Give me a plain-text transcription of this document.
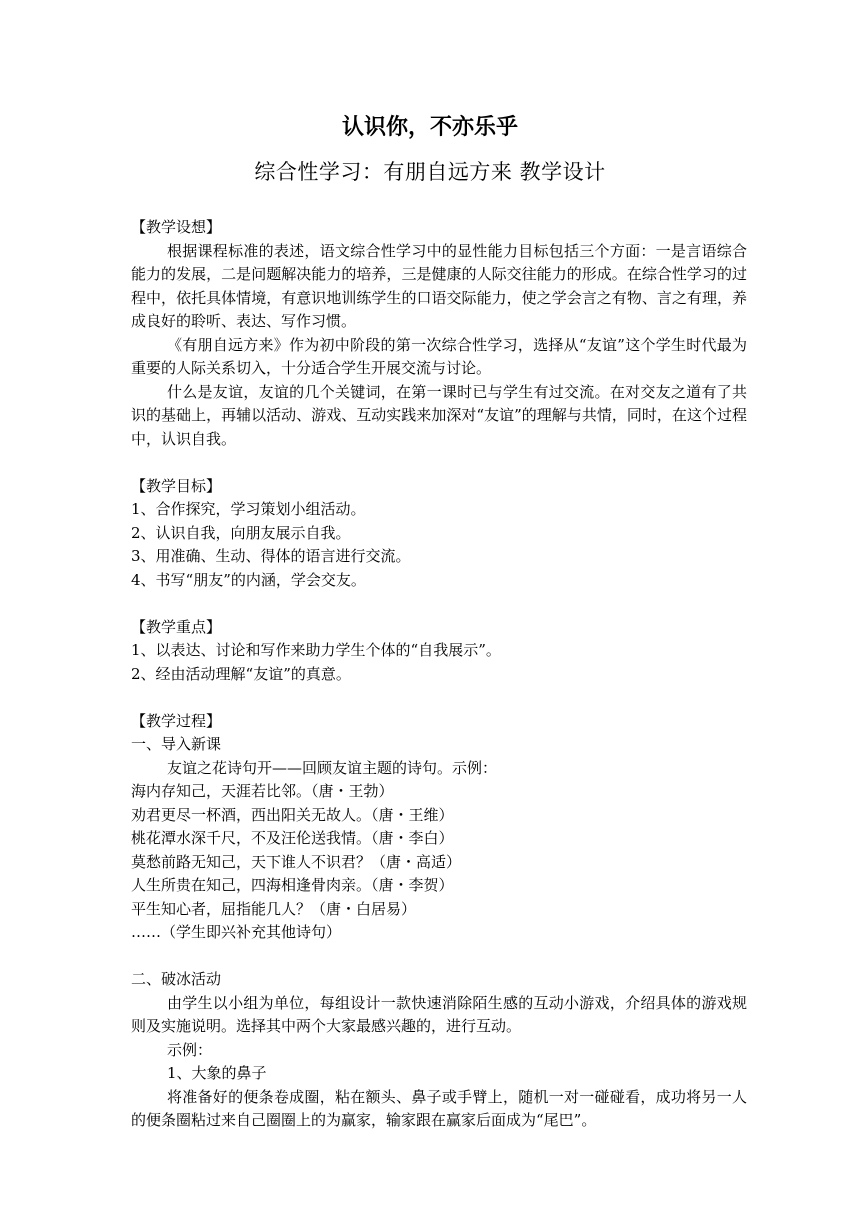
认识你，不亦乐乎
综合性学习：有朋自远方来 教学设计

【教学设想】

根据课程标准的表述，语文综合性学习中的显性能力目标包括三个方面：一是言语综合能力的发展，二是问题解决能力的培养，三是健康的人际交往能力的形成。在综合性学习的过程中，依托具体情境，有意识地训练学生的口语交际能力，使之学会言之有物、言之有理，养成良好的聆听、表达、写作习惯。

《有朋自远方来》作为初中阶段的第一次综合性学习，选择从“友谊”这个学生时代最为重要的人际关系切入，十分适合学生开展交流与讨论。

什么是友谊，友谊的几个关键词，在第一课时已与学生有过交流。在对交友之道有了共识的基础上，再辅以活动、游戏、互动实践来加深对“友谊”的理解与共情，同时，在这个过程中，认识自我。

【教学目标】

1、合作探究，学习策划小组活动。

2、认识自我，向朋友展示自我。

3、用准确、生动、得体的语言进行交流。

4、书写“朋友”的内涵，学会交友。

【教学重点】

1、以表达、讨论和写作来助力学生个体的“自我展示”。

2、经由活动理解“友谊”的真意。

【教学过程】

一、导入新课

友谊之花诗句开——回顾友谊主题的诗句。示例：

海内存知己，天涯若比邻。（唐・王勃）

劝君更尽一杯酒，西出阳关无故人。（唐・王维）

桃花潭水深千尺，不及汪伦送我情。（唐・李白）

莫愁前路无知己，天下谁人不识君？（唐・高适）

人生所贵在知己，四海相逢骨肉亲。（唐・李贺）

平生知心者，屈指能几人？（唐・白居易）

……（学生即兴补充其他诗句）

二、破冰活动

由学生以小组为单位，每组设计一款快速消除陌生感的互动小游戏，介绍具体的游戏规则及实施说明。选择其中两个大家最感兴趣的，进行互动。

示例：

1、大象的鼻子

将准备好的便条卷成圈，粘在额头、鼻子或手臂上，随机一对一碰碰看，成功将另一人的便条圈粘过来自己圈圈上的为赢家，输家跟在赢家后面成为“尾巴”。
